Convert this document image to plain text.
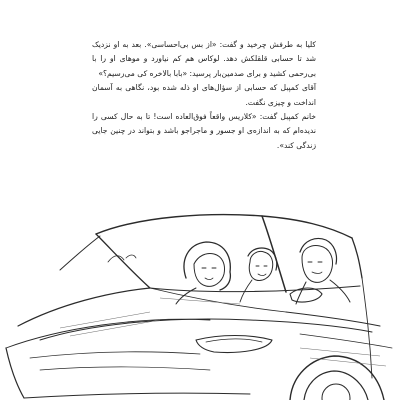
کلیا به طرفش چرخید و گفت: «از بس بی‌احساسی». بعد به او نزدیک شد تا حسابی قلقلکش دهد. لوکاس هم کم نیاورد و موهای او را با بی‌رحمی کشید و برای صدمین‌بار پرسید: «بابا بالاخره کی می‌رسیم؟»

آقای کمپبل که حسابی از سؤال‌های او ذله شده بود، نگاهی به آسمان انداخت و چیزی نگفت.

خانم کمپبل گفت: «کلاریس واقعاً فوق‌العاده است! تا به حال کسی را ندیده‌ام که به اندازه‌ی او جسور و ماجراجو باشد و بتواند در چنین جایی زندگی کند».
